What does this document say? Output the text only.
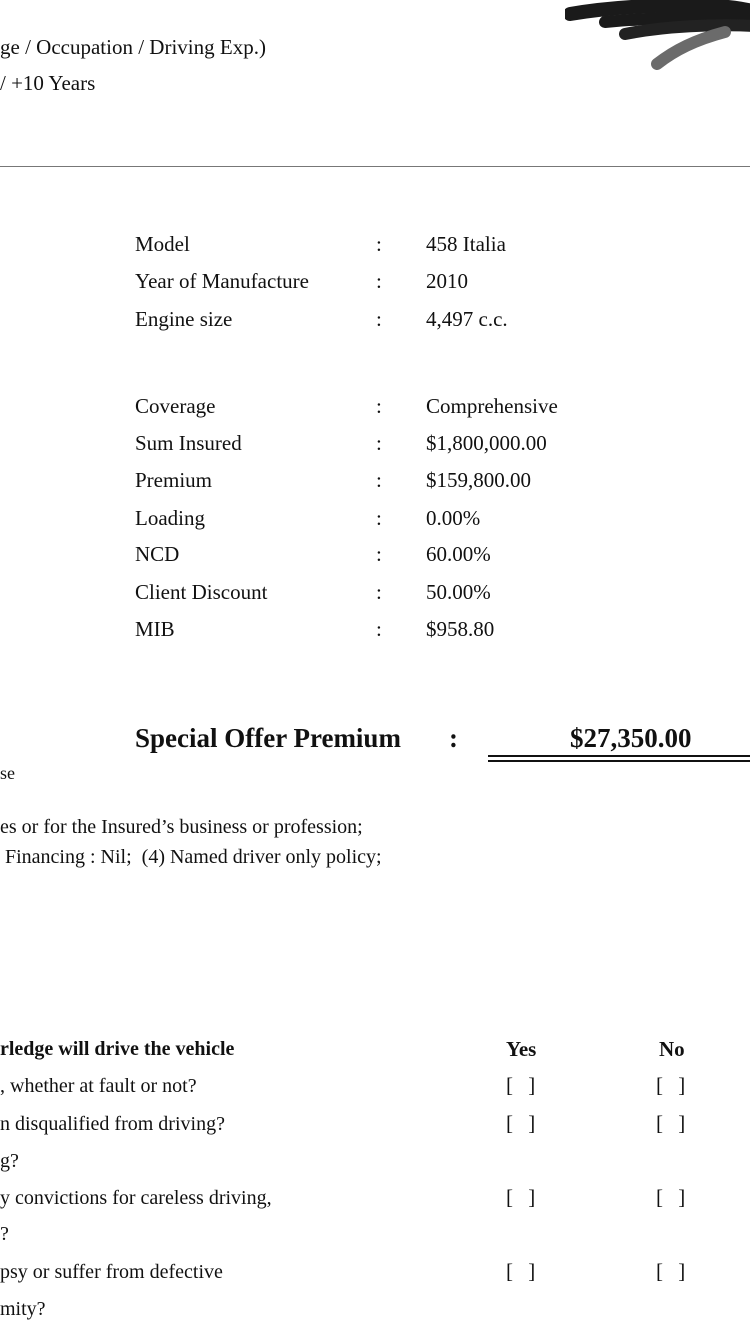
Dated 2011
ge / Occupation / Driving Exp.)
/ +10 Years
Model	: 458 Italia
Year of Manufacture	: 2010
Engine size	: 4,497 c.c.
Coverage	: Comprehensive
Sum Insured	: $1,800,000.00
Premium	: $159,800.00
Loading	: 0.00%
NCD	: 60.00%
Client Discount	: 50.00%
MIB	: $958.80
Special Offer Premium :	$27,350.00
se
es or for the Insured’s business or profession;
Financing : Nil;  (4) Named driver only policy;
rledge will drive the vehicle	Yes	No
, whether at fault or not?	[ ]	[ ]
n disqualified from driving?	[ ]	[ ]
g?
y convictions for careless driving,	[ ]	[ ]
?
psy or suffer from defective	[ ]	[ ]
mity?
